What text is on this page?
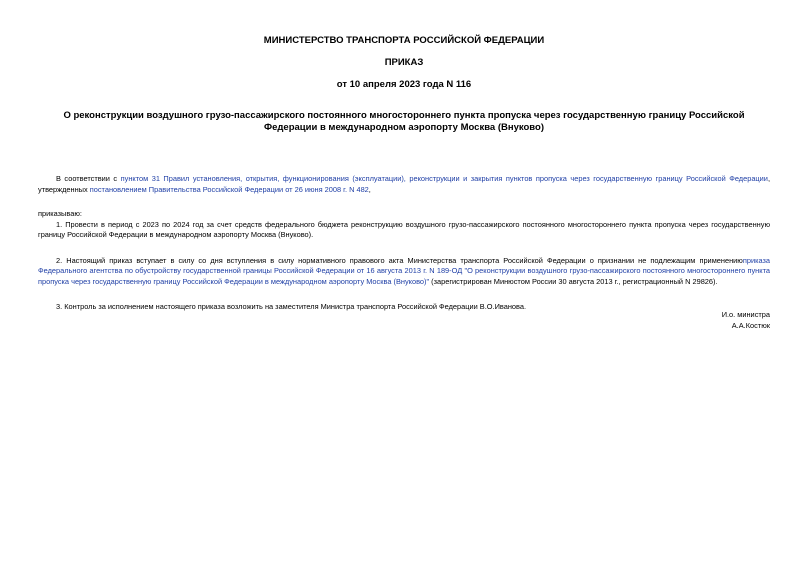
МИНИСТЕРСТВО ТРАНСПОРТА РОССИЙСКОЙ ФЕДЕРАЦИИ

ПРИКАЗ

от 10 апреля 2023 года N 116

О реконструкции воздушного грузо-пассажирского постоянного многостороннего пункта пропуска через государственную границу Российской Федерации в международном аэропорту Москва (Внуково)

В соответствии с пунктом 31 Правил установления, открытия, функционирования (эксплуатации), реконструкции и закрытия пунктов пропуска через государственную границу Российской Федерации, утвержденных постановлением Правительства Российской Федерации от 26 июня 2008 г. N 482,

приказываю:

1. Провести в период с 2023 по 2024 год за счет средств федерального бюджета реконструкцию воздушного грузо-пассажирского постоянного многостороннего пункта пропуска через государственную границу Российской Федерации в международном аэропорту Москва (Внуково).

2. Настоящий приказ вступает в силу со дня вступления в силу нормативного правового акта Министерства транспорта Российской Федерации о признании не подлежащим применениюприказа Федерального агентства по обустройству государственной границы Российской Федерации от 16 августа 2013 г. N 189-ОД "О реконструкции воздушного грузо-пассажирского постоянного многостороннего пункта пропуска через государственную границу Российской Федерации в международном аэропорту Москва (Внуково)" (зарегистрирован Минюстом России 30 августа 2013 г., регистрационный N 29826).

3. Контроль за исполнением настоящего приказа возложить на заместителя Министра транспорта Российской Федерации В.О.Иванова.

И.о. министра
А.А.Костюк
